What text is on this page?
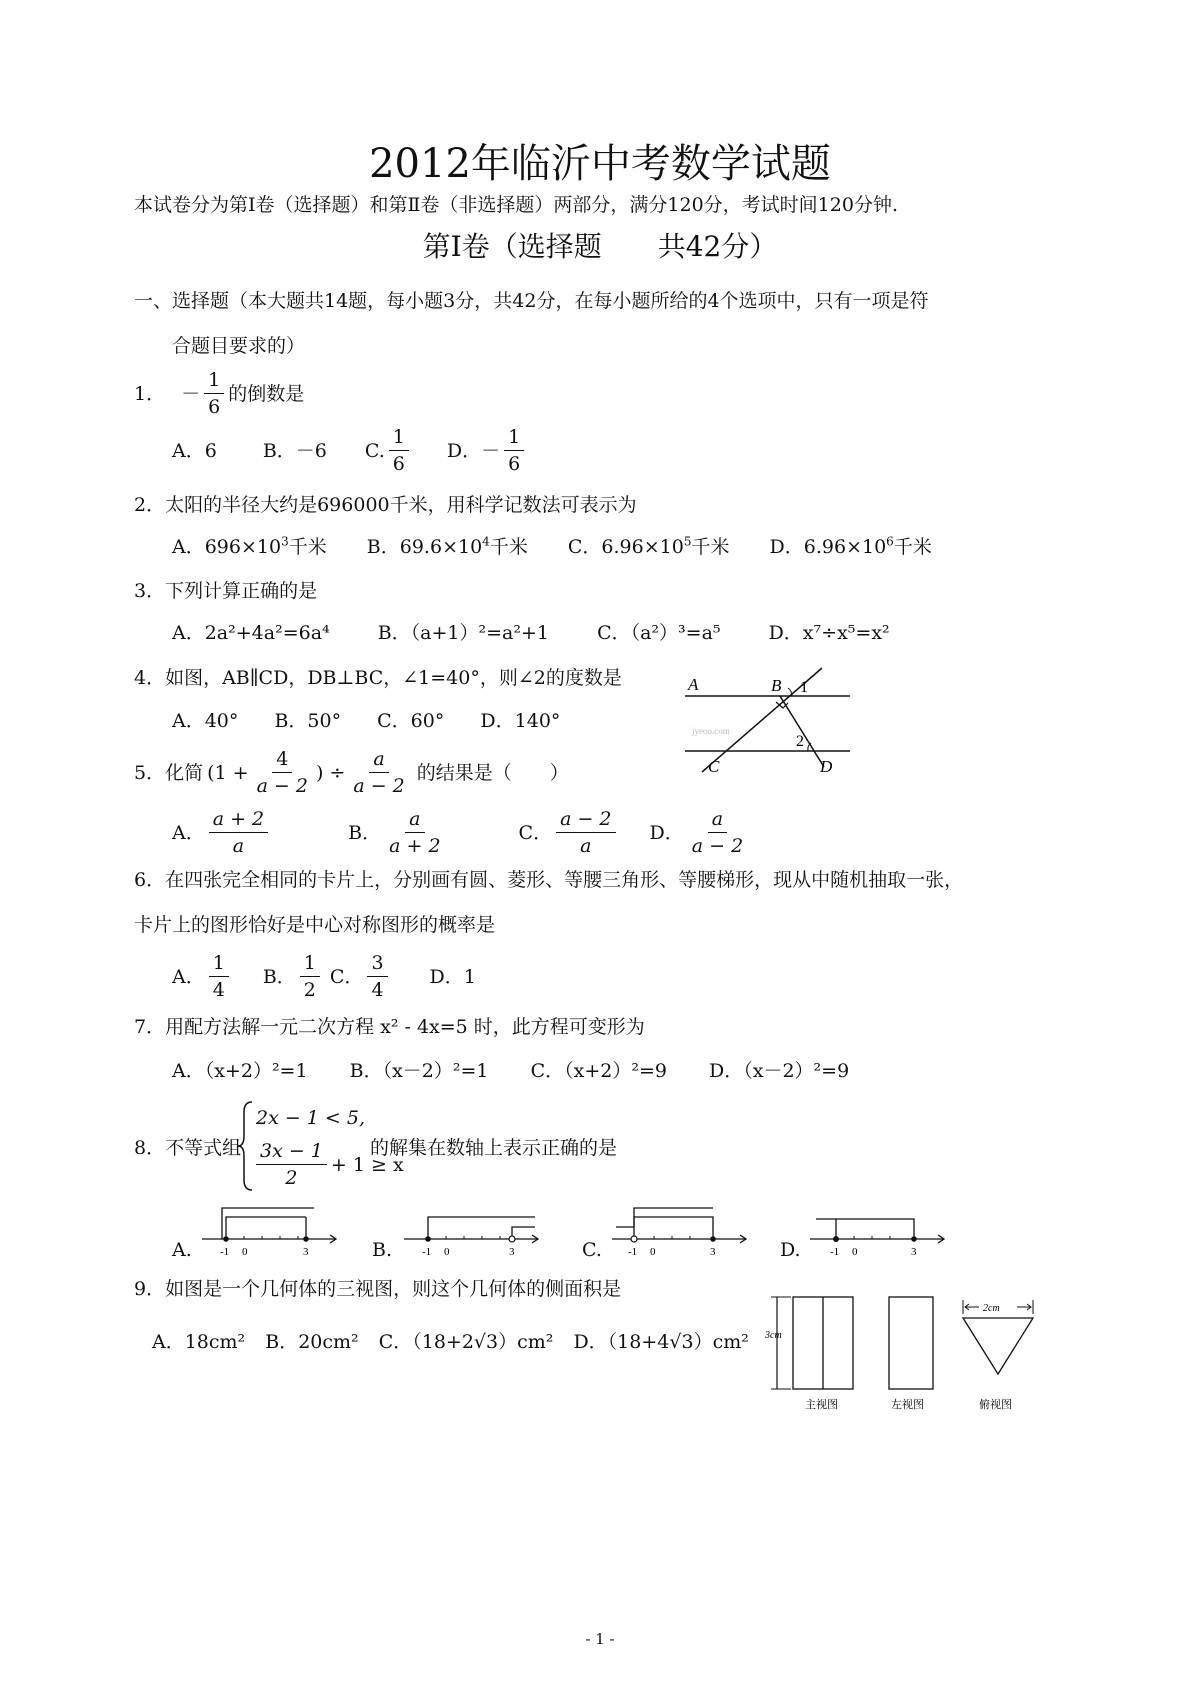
2012年临沂中考数学试题
本试卷分为第Ⅰ卷（选择题）和第Ⅱ卷（非选择题）两部分，满分120分，考试时间120分钟.
第Ⅰ卷（选择题　　共42分）
一、选择题（本大题共14题，每小题3分，共42分，在每小题所给的4个选项中，只有一项是符
合题目要求的）
1． － $\frac{1}{6}$ 的倒数是
A．6 B．－6 C. $\frac{1}{6}$ D．－ $\frac{1}{6}$
2．太阳的半径大约是696000千米，用科学记数法可表示为
A．$696\times 10^3$千米 B．$69.6\times 10^4$千米 C．$6.96\times 10^5$千米 D．$6.96\times 10^6$千米
3．下列计算正确的是
A．2a²+4a²=6a⁴	B．（a+1）²=a²+1	C．（a²）³=a⁵	D．x⁷÷x⁵=x²
4．如图，AB∥CD，DB⊥BC，∠1=40°，则∠2的度数是
A．40° B．50° C．60° D．140°
A	B 1
2
C	D
jyeoo.com
5．化简 ($1 + \frac{4}{a - 2}$ ) ÷ $\frac{a}{a - 2}$ 的结果是（　　）
A． $\frac{a + 2}{a}$	B． $\frac{a}{a + 2}$	C． $\frac{a - 2}{a}$ D． $\frac{a}{a - 2}$
6．在四张完全相同的卡片上，分别画有圆、菱形、等腰三角形、等腰梯形，现从中随机抽取一张，
卡片上的图形恰好是中心对称图形的概率是
A． $\frac{1}{4}$ B． $\frac{1}{2}$ C． $\frac{3}{4}$ D．1
7．用配方法解一元二次方程 x² - 4x=5 时，此方程可变形为
A．（x+2）²=1 B．（x－2）²=1 C．（x+2）²=9 D．（x－2）²=9
8．不等式组
2x − 1 < 5,
$\frac{3x - 1}{2} + 1 \ge x$
的解集在数轴上表示正确的是
A.	-1 0	3	B.	-1 0	3	C. -1 0	3	D.	-1 0	3
9．如图是一个几何体的三视图，则这个几何体的侧面积是
A．18cm² B．20cm² C．（18+2√3）cm² D．（18+4√3）cm² 3cm
主视图	左视图
2cm
俯视图
- 1 -
